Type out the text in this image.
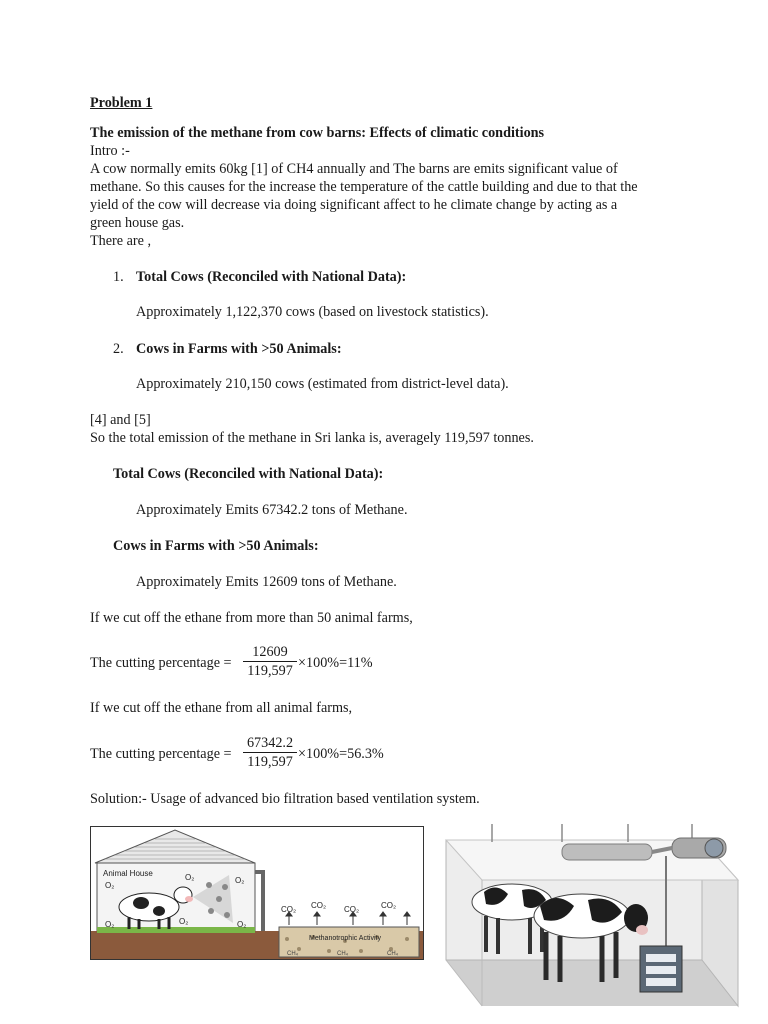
Problem 1
The emission of the methane from cow barns: Effects of climatic conditions
Intro :-
A cow normally emits 60kg [1] of CH4 annually and The barns are emits significant value of
methane. So this causes for the increase the temperature of the cattle building and due to that the
yield of the cow will decrease via doing significant affect to he climate change by acting as a
green house gas.
There are ,
1. Total Cows (Reconciled with National Data):
Approximately 1,122,370 cows (based on livestock statistics).
2. Cows in Farms with >50 Animals:
Approximately 210,150 cows (estimated from district-level data).
[4] and [5]
So the total emission of the methane in Sri lanka is, averagely 119,597 tonnes.
Total Cows (Reconciled with National Data):
Approximately Emits 67342.2 tons of Methane.
Cows in Farms with >50 Animals:
Approximately Emits 12609 tons of Methane.
If we cut off the ethane from more than 50 animal farms,
The cutting percentage = $\frac{12609}{119,597} \times 100\%=11\%$
If we cut off the ethane from all animal farms,
The cutting percentage = $\frac{67342.2}{119,597} \times 100\%=56.3\%$
Solution:- Usage of advanced bio filtration based ventilation system.
Animal House
O₂
O₂	O₂
O₂	O₂	O₂
CO₂ CO₂ CO₂	CO₂
Methanotrophic Activity
CH₄	CH₄	CH₄
